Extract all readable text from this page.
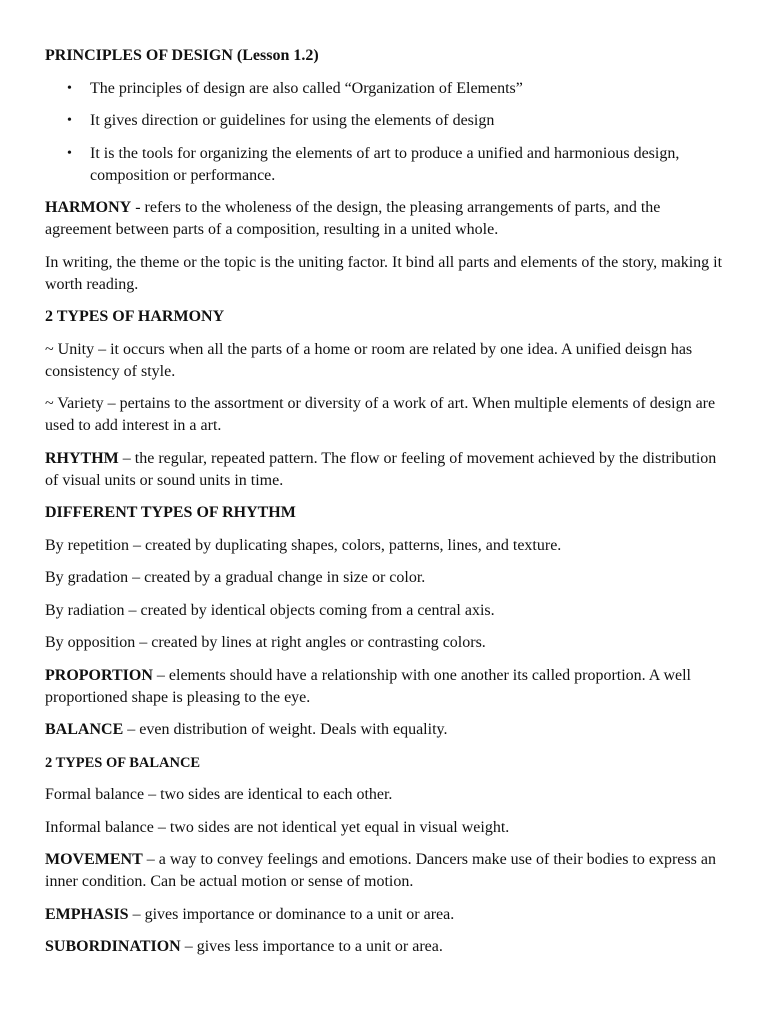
PRINCIPLES OF DESIGN (Lesson 1.2)

• The principles of design are also called “Organization of Elements”
• It gives direction or guidelines for using the elements of design
• It is the tools for organizing the elements of art to produce a unified and harmonious design, composition or performance.

HARMONY - refers to the wholeness of the design, the pleasing arrangements of parts, and the agreement between parts of a composition, resulting in a united whole.

In writing, the theme or the topic is the uniting factor. It bind all parts and elements of the story, making it worth reading.

2 TYPES OF HARMONY

~ Unity – it occurs when all the parts of a home or room are related by one idea. A unified deisgn has consistency of style.

~ Variety – pertains to the assortment or diversity of a work of art. When multiple elements of design are used to add interest in a art.

RHYTHM – the regular, repeated pattern. The flow or feeling of movement achieved by the distribution of visual units or sound units in time.

DIFFERENT TYPES OF RHYTHM

By repetition – created by duplicating shapes, colors, patterns, lines, and texture.

By gradation – created by a gradual change in size or color.

By radiation – created by identical objects coming from a central axis.

By opposition – created by lines at right angles or contrasting colors.

PROPORTION – elements should have a relationship with one another its called proportion. A well proportioned shape is pleasing to the eye.

BALANCE – even distribution of weight. Deals with equality.

2 TYPES OF BALANCE

Formal balance – two sides are identical to each other.

Informal balance – two sides are not identical yet equal in visual weight.

MOVEMENT – a way to convey feelings and emotions. Dancers make use of their bodies to express an inner condition. Can be actual motion or sense of motion.

EMPHASIS – gives importance or dominance to a unit or area.

SUBORDINATION – gives less importance to a unit or area.
